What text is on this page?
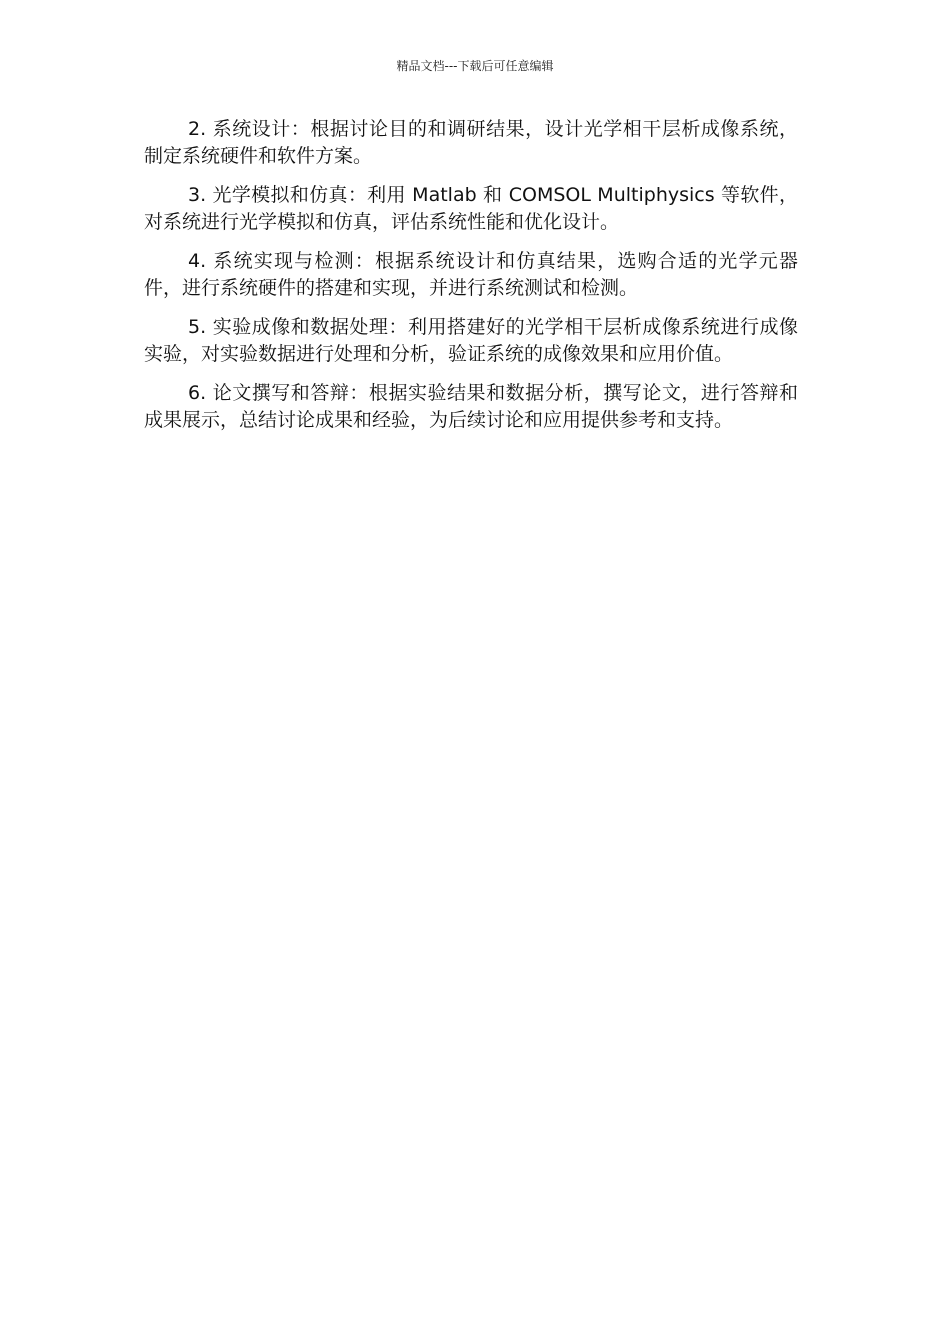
精品文档---下载后可任意编辑

2. 系统设计：根据讨论目的和调研结果，设计光学相干层析成像系统，制定系统硬件和软件方案。

3. 光学模拟和仿真：利用 Matlab 和 COMSOL Multiphysics 等软件，对系统进行光学模拟和仿真，评估系统性能和优化设计。

4. 系统实现与检测：根据系统设计和仿真结果，选购合适的光学元器件，进行系统硬件的搭建和实现，并进行系统测试和检测。

5. 实验成像和数据处理：利用搭建好的光学相干层析成像系统进行成像实验，对实验数据进行处理和分析，验证系统的成像效果和应用价值。

6. 论文撰写和答辩：根据实验结果和数据分析，撰写论文，进行答辩和成果展示，总结讨论成果和经验，为后续讨论和应用提供参考和支持。
